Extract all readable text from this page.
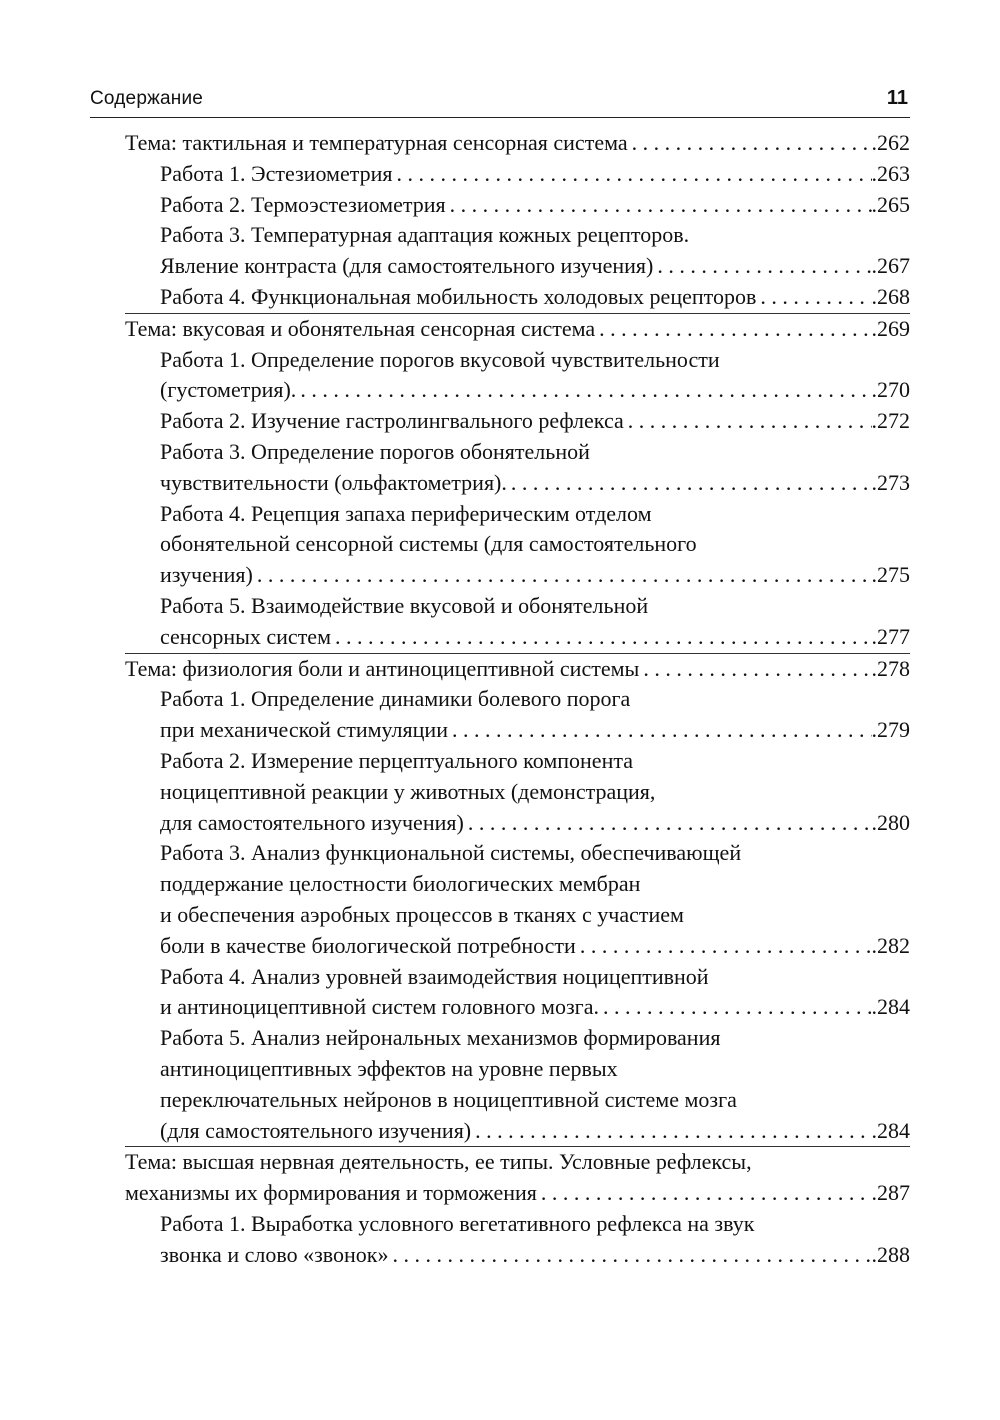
Содержание	11
Тема: тактильная и температурная сенсорная система . . .	.262
Работа 1. Эстезиометрия . . .	.263
Работа 2. Термоэстезиометрия . . .	.265
Работа 3. Температурная адаптация кожных рецепторов.
Явление контраста (для самостоятельного изучения) . . .	.267
Работа 4. Функциональная мобильность холодовых рецепторов . . .	.268
Тема: вкусовая и обонятельная сенсорная система . . .	.269
Работа 1. Определение порогов вкусовой чувствительности
(густометрия). . . .	.270
Работа 2. Изучение гастролингвального рефлекса . . .	.272
Работа 3. Определение порогов обонятельной
чувствительности (ольфактометрия). . . .	.273
Работа 4. Рецепция запаха периферическим отделом
обонятельной сенсорной системы (для самостоятельного
изучения) . . .	.275
Работа 5. Взаимодействие вкусовой и обонятельной
сенсорных систем . . .	.277
Тема: физиология боли и антиноцицептивной системы . . .	.278
Работа 1. Определение динамики болевого порога
при механической стимуляции . . .	.279
Работа 2. Измерение перцептуального компонента
ноцицептивной реакции у животных (демонстрация,
для самостоятельного изучения) . . .	.280
Работа 3. Анализ функциональной системы, обеспечивающей
поддержание целостности биологических мембран
и обеспечения аэробных процессов в тканях с участием
боли в качестве биологической потребности . . .	.282
Работа 4. Анализ уровней взаимодействия ноцицептивной
и антиноцицептивной систем головного мозга. . . .	.284
Работа 5. Анализ нейрональных механизмов формирования
антиноцицептивных эффектов на уровне первых
переключательных нейронов в ноцицептивной системе мозга
(для самостоятельного изучения) . . .	.284
Тема: высшая нервная деятельность, ее типы. Условные рефлексы,
механизмы их формирования и торможения . . .	.287
Работа 1. Выработка условного вегетативного рефлекса на звук
звонка и слово «звонок» . . .	.288
